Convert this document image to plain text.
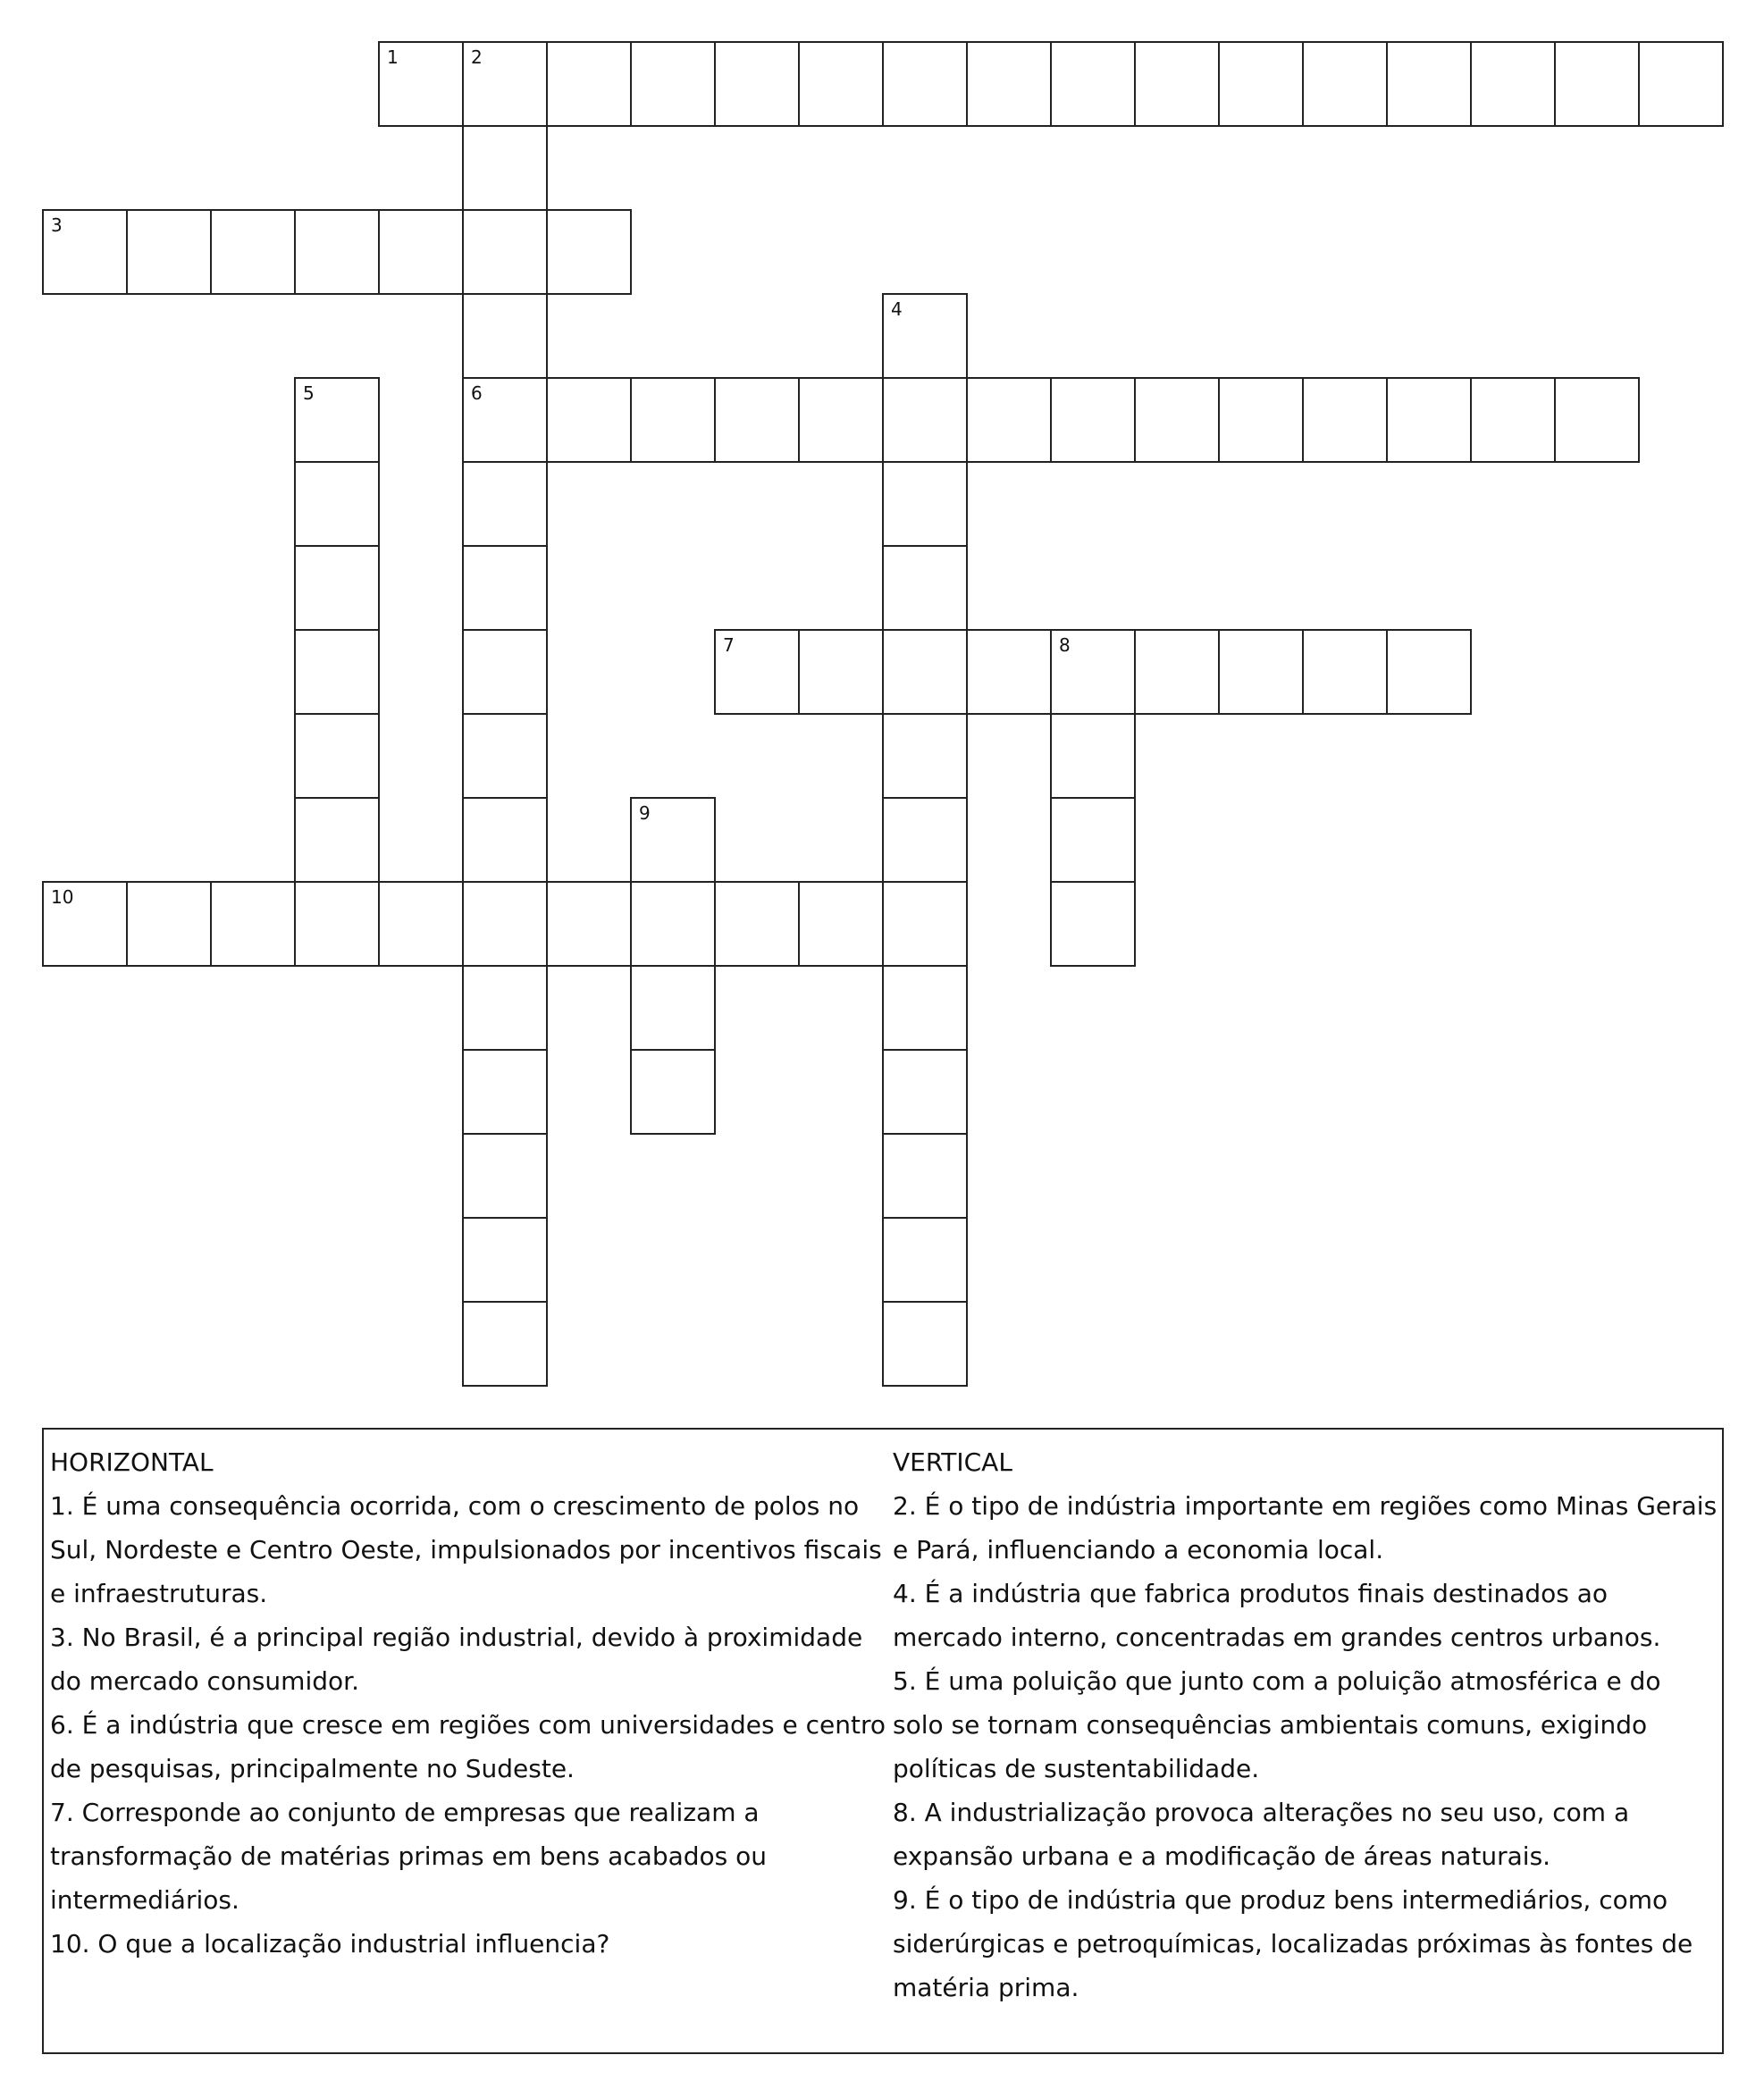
1	2
6
3
4
5
7	8
9
10
HORIZONTAL
1. É uma consequência ocorrida, com o crescimento de polos no Sul, Nordeste e Centro Oeste, impulsionados por incentivos fiscais e infraestruturas.
3. No Brasil, é a principal região industrial, devido à proximidade do mercado consumidor.
6. É a indústria que cresce em regiões com universidades e centro de pesquisas, principalmente no Sudeste.
7. Corresponde ao conjunto de empresas que realizam a transformação de matérias primas em bens acabados ou intermediários.
10. O que a localização industrial influencia?
VERTICAL
2. É o tipo de indústria importante em regiões como Minas Gerais e Pará, influenciando a economia local.
4. É a indústria que fabrica produtos finais destinados ao mercado interno, concentradas em grandes centros urbanos.
5. É uma poluição que junto com a poluição atmosférica e do solo se tornam consequências ambientais comuns, exigindo políticas de sustentabilidade.
8. A industrialização provoca alterações no seu uso, com a expansão urbana e a modificação de áreas naturais.
9. É o tipo de indústria que produz bens intermediários, como siderúrgicas e petroquímicas, localizadas próximas às fontes de matéria prima.
